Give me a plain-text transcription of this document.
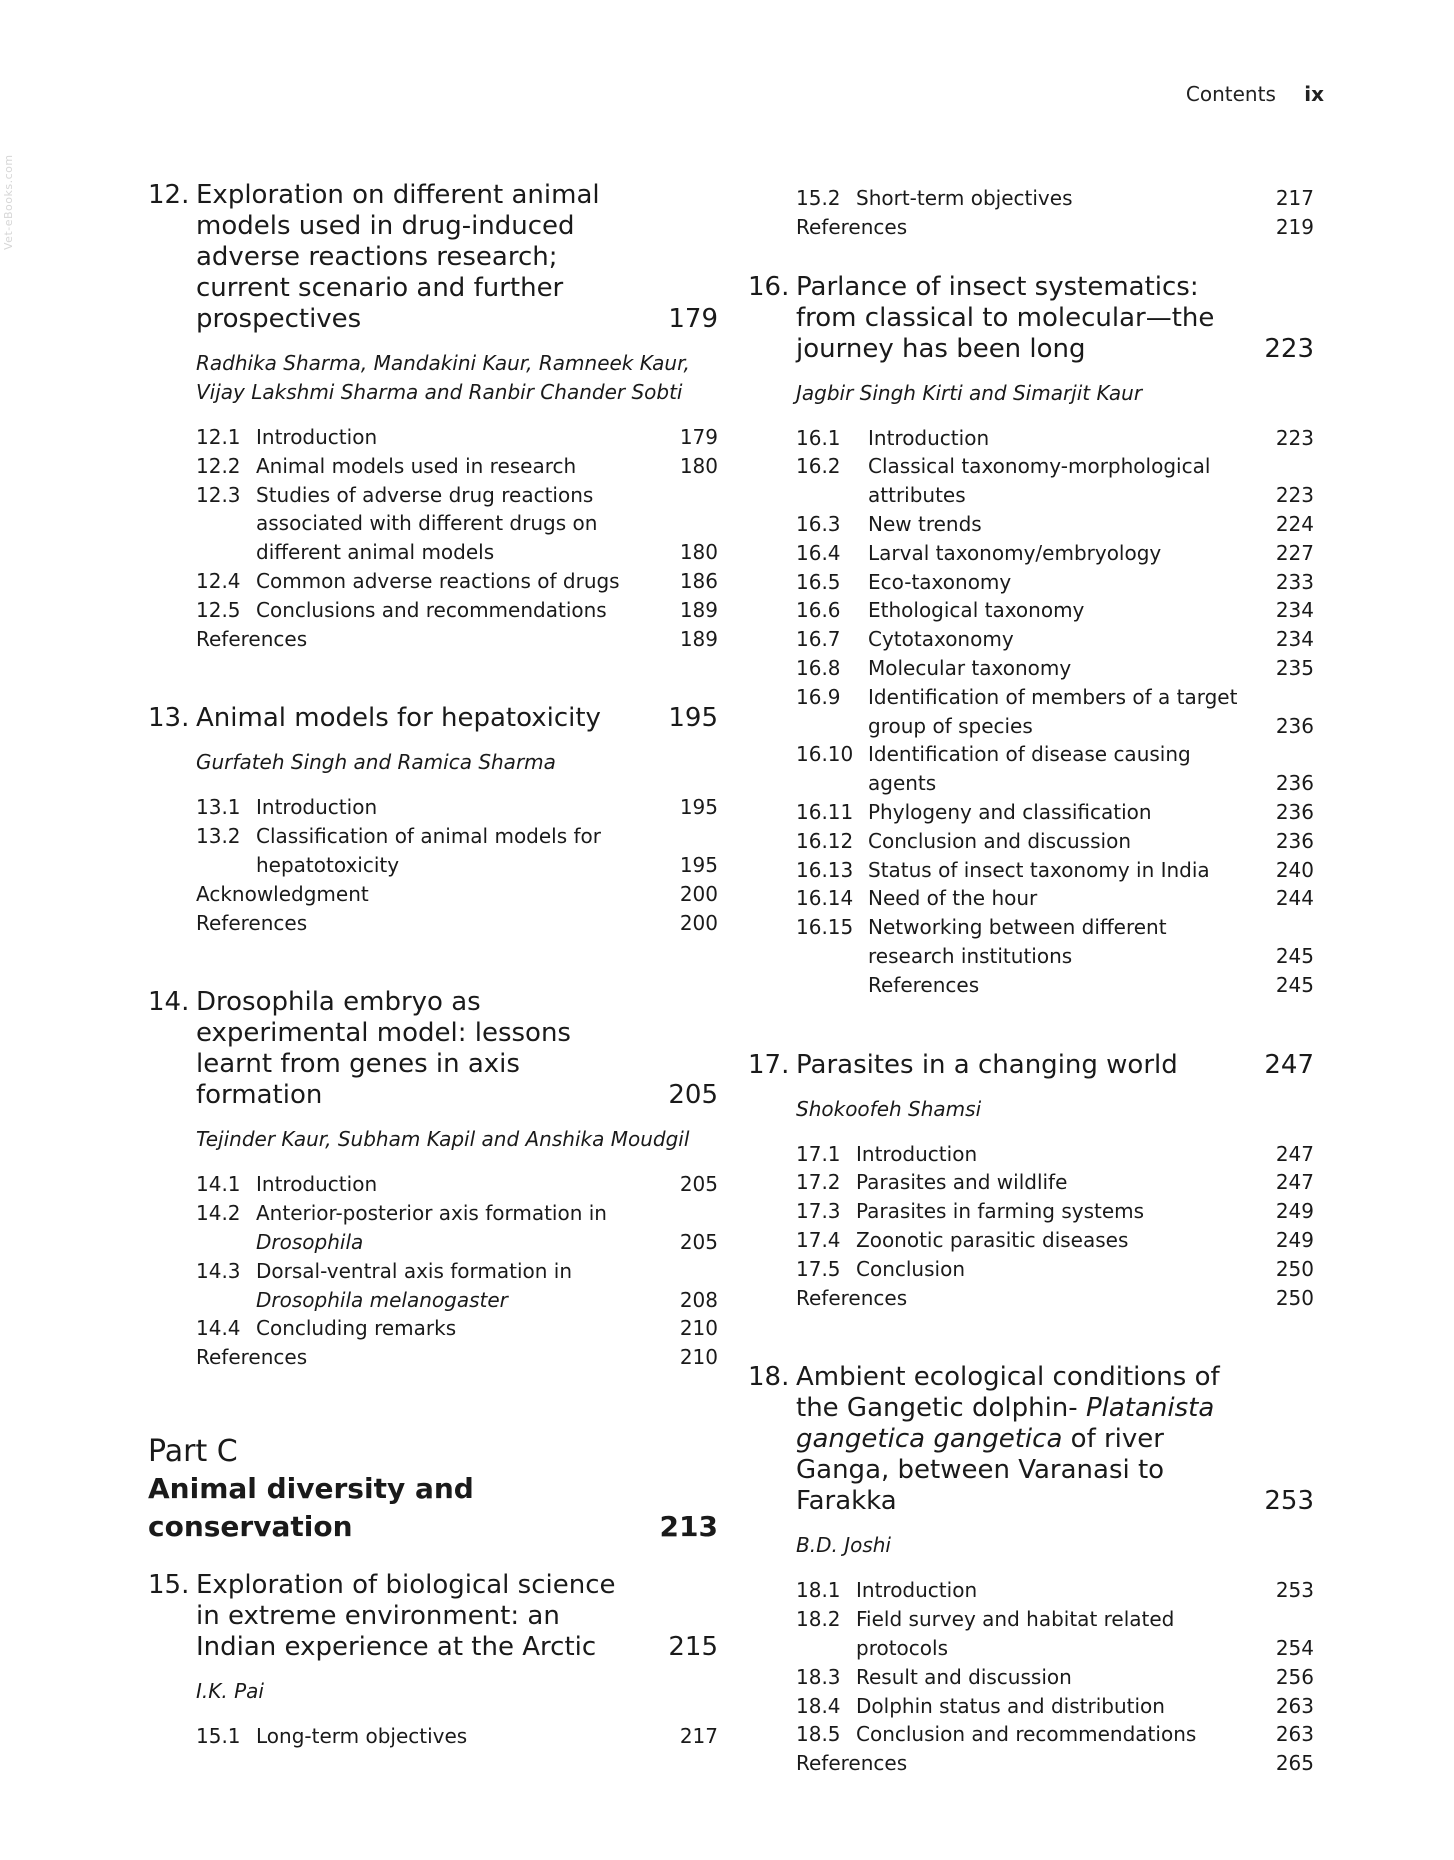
Vet-eBooks.com
Contents ix
12. Exploration on different animal models used in drug-induced adverse reactions research; current scenario and further prospectives	179
Radhika Sharma, Mandakini Kaur, Ramneek Kaur, Vijay Lakshmi Sharma and Ranbir Chander Sobti
12.1 Introduction	179
12.2 Animal models used in research	180
12.3 Studies of adverse drug reactions associated with different drugs on different animal models	180
12.4 Common adverse reactions of drugs	186
12.5 Conclusions and recommendations	189
References	189
13. Animal models for hepatoxicity	195
Gurfateh Singh and Ramica Sharma
13.1 Introduction	195
13.2 Classification of animal models for hepatotoxicity	195
Acknowledgment	200
References	200
14. Drosophila embryo as experimental model: lessons learnt from genes in axis formation	205
Tejinder Kaur, Subham Kapil and Anshika Moudgil
14.1 Introduction	205
14.2 Anterior-posterior axis formation in Drosophila	205
14.3 Dorsal-ventral axis formation in Drosophila melanogaster	208
14.4 Concluding remarks	210
References	210
Part C
Animal diversity and conservation	213
15. Exploration of biological science in extreme environment: an Indian experience at the Arctic	215
I.K. Pai
15.1 Long-term objectives	217
15.2 Short-term objectives	217
References	219
16. Parlance of insect systematics: from classical to molecular—the journey has been long	223
Jagbir Singh Kirti and Simarjit Kaur
16.1 Introduction	223
16.2 Classical taxonomy-morphological attributes	223
16.3 New trends	224
16.4 Larval taxonomy/embryology	227
16.5 Eco-taxonomy	233
16.6 Ethological taxonomy	234
16.7 Cytotaxonomy	234
16.8 Molecular taxonomy	235
16.9 Identification of members of a target group of species	236
16.10 Identification of disease causing agents	236
16.11 Phylogeny and classification	236
16.12 Conclusion and discussion	236
16.13 Status of insect taxonomy in India	240
16.14 Need of the hour	244
16.15 Networking between different research institutions	245
References	245
17. Parasites in a changing world	247
Shokoofeh Shamsi
17.1 Introduction	247
17.2 Parasites and wildlife	247
17.3 Parasites in farming systems	249
17.4 Zoonotic parasitic diseases	249
17.5 Conclusion	250
References	250
18. Ambient ecological conditions of the Gangetic dolphin- Platanista gangetica gangetica of river Ganga, between Varanasi to Farakka	253
B.D. Joshi
18.1 Introduction	253
18.2 Field survey and habitat related protocols	254
18.3 Result and discussion	256
18.4 Dolphin status and distribution	263
18.5 Conclusion and recommendations	263
References	265
